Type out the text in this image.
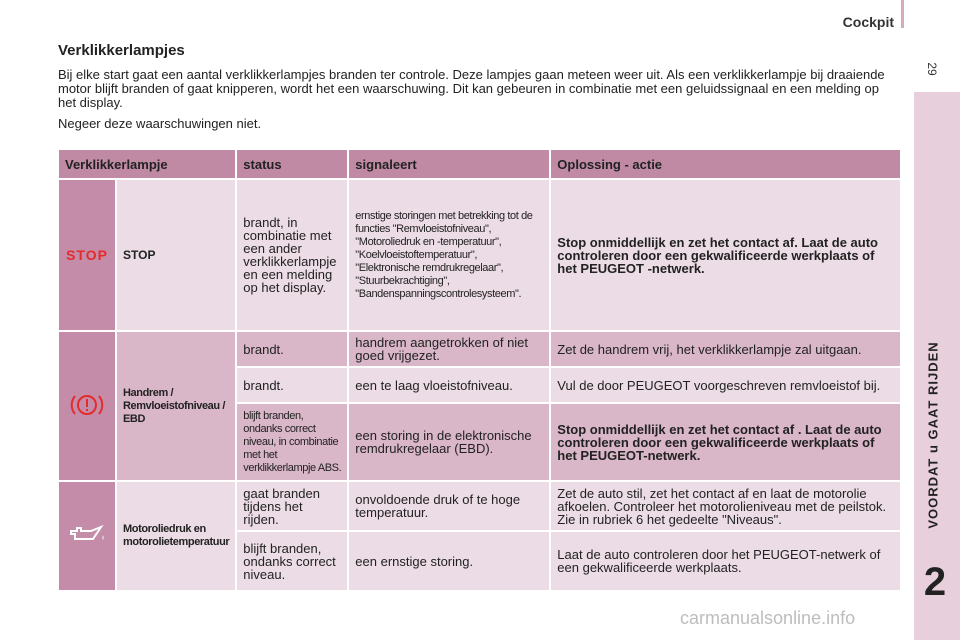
Cockpit
29
VOORDAT u GAAT RIJDEN
2
Verklikkerlampjes

Bij elke start gaat een aantal verklikkerlampjes branden ter controle. Deze lampjes gaan meteen weer uit. Als een verklikkerlampje bij draaiende motor blijft branden of gaat knipperen, wordt het een waarschuwing. Dit kan gebeuren in combinatie met een geluidssignaal en een melding op het display.

Negeer deze waarschuwingen niet.

Verklikkerlampje		status	signaleert	Oplossing - actie
STOP	STOP	brandt, in combinatie met een ander verklikkerlampje en een melding op het display.	ernstige storingen met betrekking tot de functies "Remvloeistofniveau", "Motoroliedruk en -temperatuur", "Koelvloeistoftemperatuur", "Elektronische remdrukregelaar", "Stuurbekrachtiging", "Bandenspanningscontrolesysteem".	Stop onmiddellijk en zet het contact af. Laat de auto controleren door een gekwalificeerde werkplaats of het PEUGEOT -netwerk.
	Handrem / Remvloeistofniveau / EBD	brandt.	handrem aangetrokken of niet goed vrijgezet.	Zet de handrem vrij, het verklikkerlampje zal uitgaan.
		brandt.	een te laag vloeistofniveau.	Vul de door PEUGEOT voorgeschreven remvloeistof bij.
		blijft branden, ondanks correct niveau, in combinatie met het verklikkerlampje ABS.	een storing in de elektronische remdrukregelaar (EBD).	Stop onmiddellijk en zet het contact af . Laat de auto controleren door een gekwalificeerde werkplaats of het PEUGEOT-netwerk.
	Motoroliedruk en motorolietemperatuur	gaat branden tijdens het rijden.	onvoldoende druk of te hoge temperatuur.	Zet de auto stil, zet het contact af en laat de motorolie afkoelen. Controleer het motorolieniveau met de peilstok. Zie in rubriek 6 het gedeelte "Niveaus".
		blijft branden, ondanks correct niveau.	een ernstige storing.	Laat de auto controleren door het PEUGEOT-netwerk of een gekwalificeerde werkplaats.
carmanualsonline.info
